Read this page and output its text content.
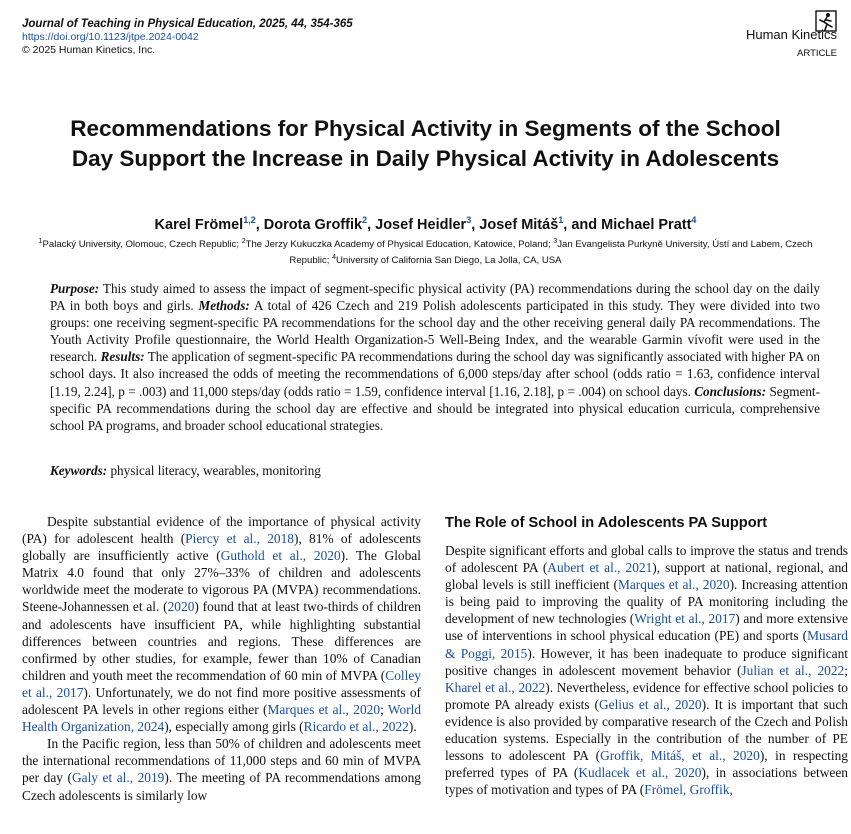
Journal of Teaching in Physical Education, 2025, 44, 354-365
https://doi.org/10.1123/jtpe.2024-0042
© 2025 Human Kinetics, Inc.
Human Kinetics
ARTICLE
Recommendations for Physical Activity in Segments of the School Day Support the Increase in Daily Physical Activity in Adolescents
Karel Frömel$^{1,2}$, Dorota Groffik$^2$, Josef Heidler$^3$, Josef Mitáš$^1$, and Michael Pratt$^4$
$^1$Palacký University, Olomouc, Czech Republic; $^2$The Jerzy Kukuczka Academy of Physical Education, Katowice, Poland; $^3$Jan Evangelista Purkyně University, Ústí and Labem, Czech Republic; $^4$University of California San Diego, La Jolla, CA, USA

Purpose: This study aimed to assess the impact of segment-specific physical activity (PA) recommendations during the school day on the daily PA in both boys and girls. Methods: A total of 426 Czech and 219 Polish adolescents participated in this study. They were divided into two groups: one receiving segment-specific PA recommendations for the school day and the other receiving general daily PA recommendations. The Youth Activity Profile questionnaire, the World Health Organization-5 Well-Being Index, and the wearable Garmin vívofit were used in the research. Results: The application of segment-specific PA recommendations during the school day was significantly associated with higher PA on school days. It also increased the odds of meeting the recommendations of 6,000 steps/day after school (odds ratio = 1.63, confidence interval [1.19, 2.24], p = .003) and 11,000 steps/day (odds ratio = 1.59, confidence interval [1.16, 2.18], p = .004) on school days. Conclusions: Segment-specific PA recommendations during the school day are effective and should be integrated into physical education curricula, comprehensive school PA programs, and broader school educational strategies.

Keywords: physical literacy, wearables, monitoring

Despite substantial evidence of the importance of physical activity (PA) for adolescent health (Piercy et al., 2018), 81% of adolescents globally are insufficiently active (Guthold et al., 2020). The Global Matrix 4.0 found that only 27%–33% of children and adolescents worldwide meet the moderate to vigorous PA (MVPA) recommendations. Steene-Johannessen et al. (2020) found that at least two-thirds of children and adolescents have insufficient PA, while highlighting substantial differences between countries and regions. These differences are confirmed by other studies, for example, fewer than 10% of Canadian children and youth meet the recommendation of 60 min of MVPA (Colley et al., 2017). Unfortunately, we do not find more positive assessments of adolescent PA levels in other regions either (Marques et al., 2020; World Health Organization, 2024), especially among girls (Ricardo et al., 2022).

In the Pacific region, less than 50% of children and adolescents meet the international recommendations of 11,000 steps and 60 min of MVPA per day (Galy et al., 2019). The meeting of PA recommendations among Czech adolescents is similarly low

The Role of School in Adolescents PA Support

Despite significant efforts and global calls to improve the status and trends of adolescent PA (Aubert et al., 2021), support at national, regional, and global levels is still inefficient (Marques et al., 2020). Increasing attention is being paid to improving the quality of PA monitoring including the development of new technologies (Wright et al., 2017) and more extensive use of interventions in school physical education (PE) and sports (Musard & Poggi, 2015). However, it has been inadequate to produce significant positive changes in adolescent movement behavior (Julian et al., 2022; Kharel et al., 2022). Nevertheless, evidence for effective school policies to promote PA already exists (Gelius et al., 2020). It is important that such evidence is also provided by comparative research of the Czech and Polish education systems. Especially in the contribution of the number of PE lessons to adolescent PA (Groffik, Mitáš, et al., 2020), in respecting preferred types of PA (Kudlacek et al., 2020), in associations between types of motivation and types of PA (Frömel, Groffik,
